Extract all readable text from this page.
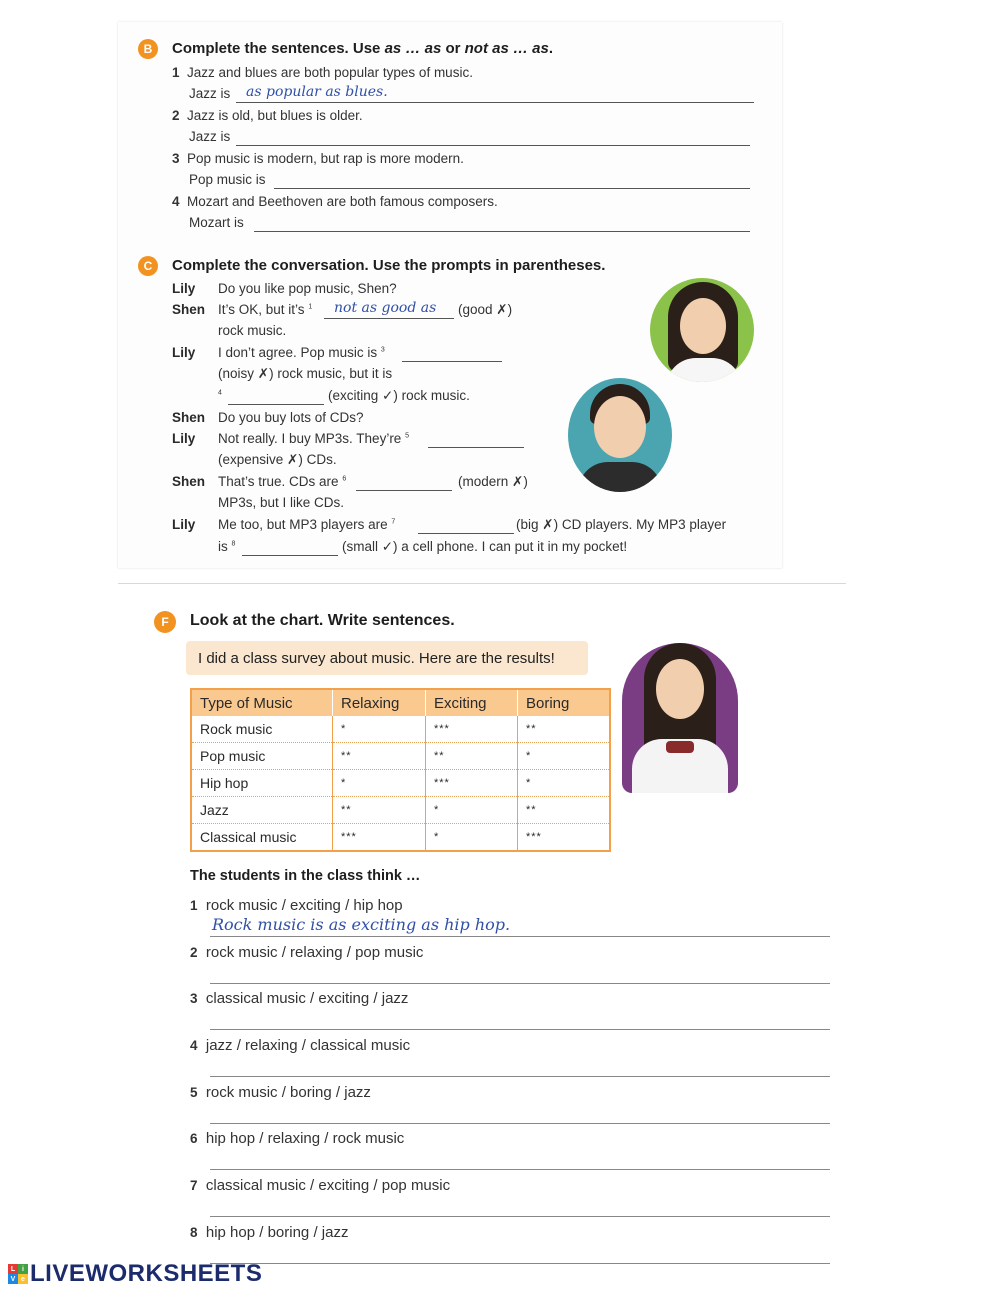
B	Complete the sentences. Use as … as or not as … as.
1 Jazz and blues are both popular types of music.
Jazz is as popular as blues.
2 Jazz is old, but blues is older.
Jazz is
3 Pop music is modern, but rap is more modern.
Pop music is
4 Mozart and Beethoven are both famous composers.
Mozart is
C	Complete the conversation. Use the prompts in parentheses.
Lily Do you like pop music, Shen?
Shen It’s OK, but it’s $^1$ not as good as (good ✗)
rock music.
Lily I don’t agree. Pop music is $^3$
(noisy ✗) rock music, but it is
$^4$	(exciting ✓) rock music.
Shen Do you buy lots of CDs?
Lily Not really. I buy MP3s. They’re $^5$
(expensive ✗) CDs.
Shen That’s true. CDs are $^6$	(modern ✗)
MP3s, but I like CDs.
Lily Me too, but MP3 players are $^7$	(big ✗) CD players. My MP3 player
is $^8$	(small ✓) a cell phone. I can put it in my pocket!
F	Look at the chart. Write sentences.
I did a class survey about music. Here are the results!
Type of Music	Relaxing	Exciting	Boring
Rock music	*	***	**
Pop music	**	**	*
Hip hop	*	***	*
Jazz	**	*	**
Classical music	***	*	***
The students in the class think …
1 rock music / exciting / hip hop
Rock music is as exciting as hip hop.
2 rock music / relaxing / pop music
3 classical music / exciting / jazz
4 jazz / relaxing / classical music
5 rock music / boring / jazz
6 hip hop / relaxing / rock music
7 classical music / exciting / pop music
8 hip hop / boring / jazz
L i
V e LIVEWORKSHEETS
